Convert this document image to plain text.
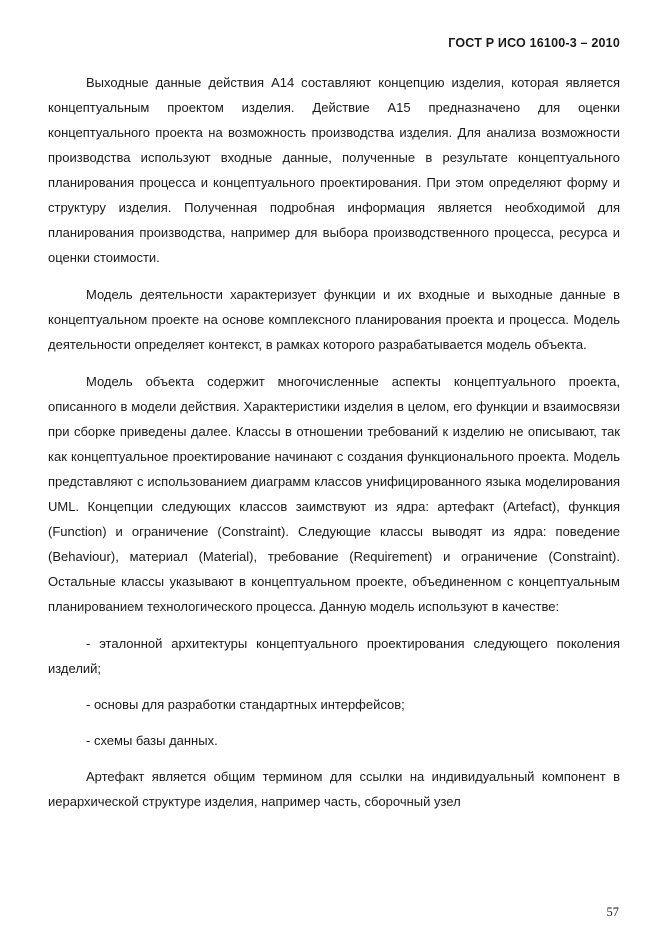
ГОСТ Р ИСО 16100-3 – 2010

Выходные данные действия A14 составляют концепцию изделия, которая является концептуальным проектом изделия. Действие A15 предназначено для оценки концептуального проекта на возможность производства изделия. Для анализа возможности производства используют входные данные, полученные в результате концептуального планирования процесса и концептуального проектирования. При этом определяют форму и структуру изделия. Полученная подробная информация является необходимой для планирования производства, например для выбора производственного процесса, ресурса и оценки стоимости.

Модель деятельности характеризует функции и их входные и выходные данные в концептуальном проекте на основе комплексного планирования проекта и процесса. Модель деятельности определяет контекст, в рамках которого разрабатывается модель объекта.

Модель объекта содержит многочисленные аспекты концептуального проекта, описанного в модели действия. Характеристики изделия в целом, его функции и взаимосвязи при сборке приведены далее. Классы в отношении требований к изделию не описывают, так как концептуальное проектирование начинают с создания функционального проекта. Модель представляют с использованием диаграмм классов унифицированного языка моделирования UML. Концепции следующих классов заимствуют из ядра: артефакт (Artefact), функция (Function) и ограничение (Constraint). Следующие классы выводят из ядра: поведение (Behaviour), материал (Material), требование (Requirement) и ограничение (Constraint). Остальные классы указывают в концептуальном проекте, объединенном с концептуальным планированием технологического процесса. Данную модель используют в качестве:

- эталонной архитектуры концептуального проектирования следующего поколения изделий;

- основы для разработки стандартных интерфейсов;

- схемы базы данных.

Артефакт является общим термином для ссылки на индивидуальный компонент в иерархической структуре изделия, например часть, сборочный узел

57
